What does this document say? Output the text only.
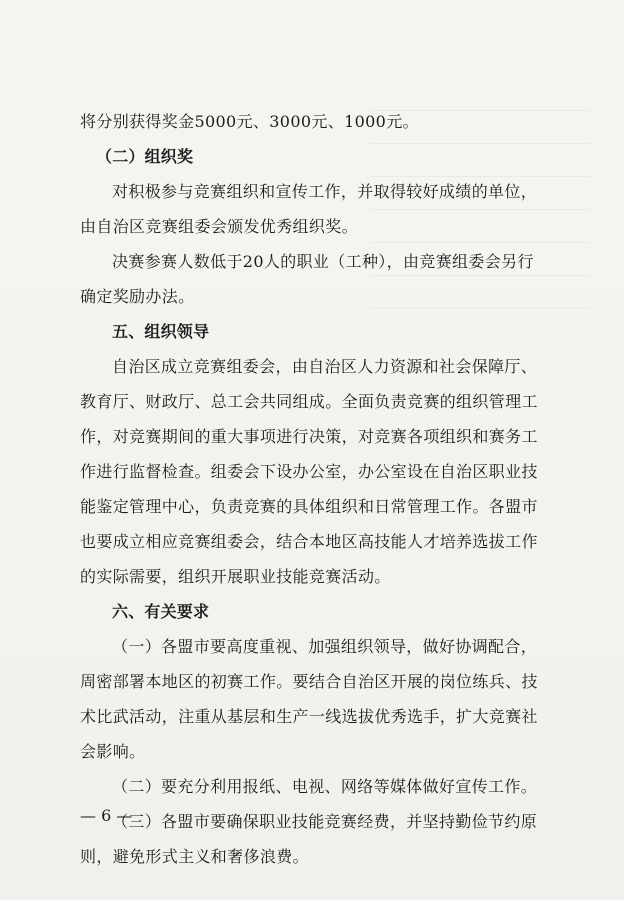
将分别获得奖金5000元、3000元、1000元。
（二）组织奖
对积极参与竞赛组织和宣传工作，并取得较好成绩的单位，
由自治区竞赛组委会颁发优秀组织奖。
决赛参赛人数低于20人的职业（工种），由竞赛组委会另行
确定奖励办法。
五、组织领导
自治区成立竞赛组委会，由自治区人力资源和社会保障厅、
教育厅、财政厅、总工会共同组成。全面负责竞赛的组织管理工
作，对竞赛期间的重大事项进行决策，对竞赛各项组织和赛务工
作进行监督检查。组委会下设办公室，办公室设在自治区职业技
能鉴定管理中心，负责竞赛的具体组织和日常管理工作。各盟市
也要成立相应竞赛组委会，结合本地区高技能人才培养选拔工作
的实际需要，组织开展职业技能竞赛活动。
六、有关要求
（一）各盟市要高度重视、加强组织领导，做好协调配合，
周密部署本地区的初赛工作。要结合自治区开展的岗位练兵、技
术比武活动，注重从基层和生产一线选拔优秀选手，扩大竞赛社
会影响。
（二）要充分利用报纸、电视、网络等媒体做好宣传工作。
（三）各盟市要确保职业技能竞赛经费，并坚持勤俭节约原
则，避免形式主义和奢侈浪费。
— 6 —
